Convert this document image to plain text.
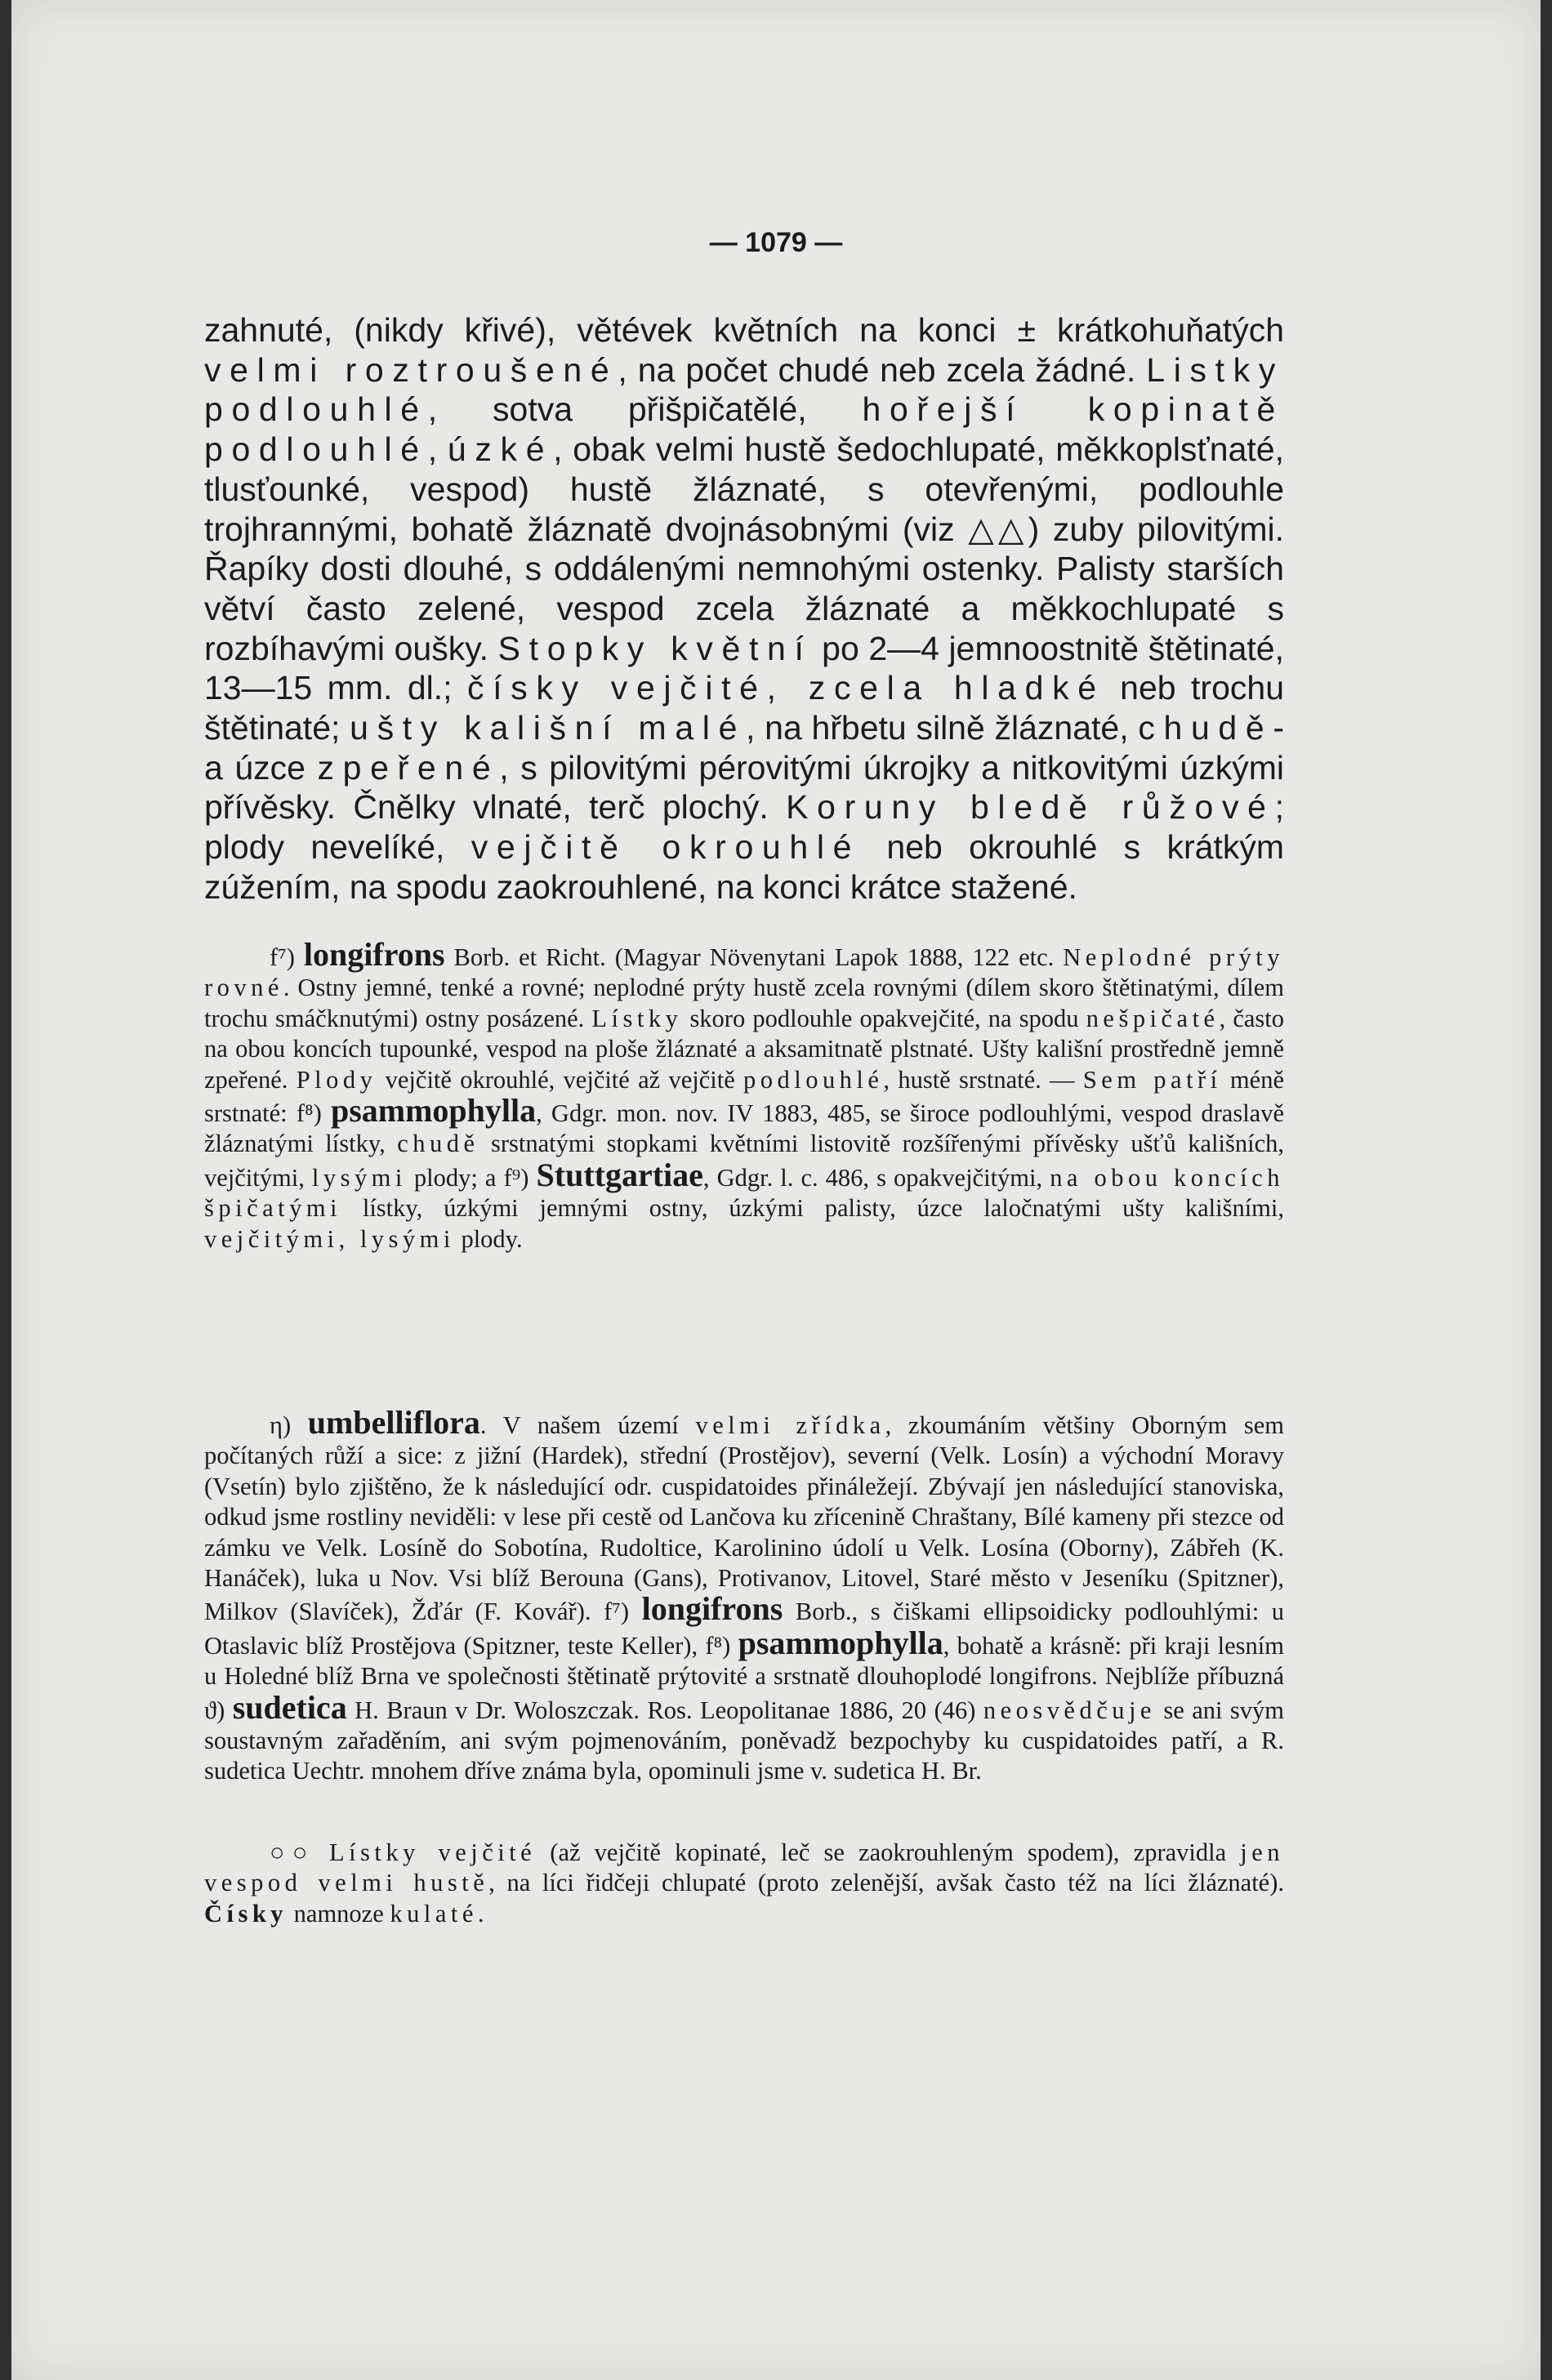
— 1079 —
zahnuté, (nikdy křivé), větévek květních na konci ± krátkohuňatých velmi roztroušené, na počet chudé neb zcela žádné. Listky podlouhlé, sotva přišpičatělé, hořejší kopinatě podlouhlé, úzké, obak velmi hustě šedochlupaté, měkkoplsťnaté, tlusťounké, vespod) hustě žláznaté, s otevřenými, podlouhle trojhrannými, bohatě žláznatě dvojnásobnými (viz △△) zuby pilovitými. Řapíky dosti dlouhé, s oddálenými nemnohými ostenky. Palisty starších větví často zelené, vespod zcela žláznaté a měkkochlupaté s rozbíhavými oušky. Stopky květní po 2—4 jemnoostnitě štětinaté, 13—15 mm. dl.; čísky vejčité, zcela hladké neb trochu štětinaté; ušty kališní malé, na hřbetu silně žláznaté, chudě- a úzce zpeřené, s pilovitými pérovitými úkrojky a nitkovitými úzkými přívěsky. Čnělky vlnaté, terč plochý. Koruny bledě růžové; plody nevelíké, vejčitě okrouhlé neb okrouhlé s krátkým zúžením, na spodu zaokrouhlené, na konci krátce stažené.

f⁷) longifrons Borb. et Richt. (Magyar Növenytani Lapok 1888, 122 etc. Neplodné prýty rovné. Ostny jemné, tenké a rovné; neplodné prýty hustě zcela rovnými (dílem skoro štětinatými, dílem trochu smáčknutými) ostny posázené. Lístky skoro podlouhle opakvejčité, na spodu nešpičaté, často na obou koncích tupounké, vespod na ploše žláznaté a aksamitnatě plstnaté. Ušty kališní prostředně jemně zpeřené. Plody vejčitě okrouhlé, vejčité až vejčitě podlouhlé, hustě srstnaté. — Sem patří méně srstnaté: f⁸) psammophylla, Gdgr. mon. nov. IV 1883, 485, se široce podlouhlými, vespod draslavě žláznatými lístky, chudě srstnatými stopkami květními listovitě rozšířenými přívěsky ušťů kališních, vejčitými, lysými plody; a f⁹) Stuttgartiae, Gdgr. l. c. 486, s opakvejčitými, na obou koncích špičatými lístky, úzkými jemnými ostny, úzkými palisty, úzce laločnatými ušty kališními, vejčitými, lysými plody.

η) umbelliflora. V našem území velmi zřídka, zkoumáním většiny Oborným sem počítaných růží a sice: z jižní (Hardek), střední (Prostějov), severní (Velk. Losín) a východní Moravy (Vsetín) bylo zjištěno, že k následující odr. cuspidatoides přináležejí. Zbývají jen následující stanoviska, odkud jsme rostliny neviděli: v lese při cestě od Lančova ku zřícenině Chraštany, Bílé kameny při stezce od zámku ve Velk. Losíně do Sobotína, Rudoltice, Karolinino údolí u Velk. Losína (Oborny), Zábřeh (K. Hanáček), luka u Nov. Vsi blíž Berouna (Gans), Protivanov, Litovel, Staré město v Jeseníku (Spitzner), Milkov (Slavíček), Žďár (F. Kovář). f⁷) longifrons Borb., s čiškami ellipsoidicky podlouhlými: u Otaslavic blíž Prostějova (Spitzner, teste Keller), f⁸) psammophylla, bohatě a krásně: při kraji lesním u Holedné blíž Brna ve společnosti štětinatě prýtovité a srstnatě dlouhoplodé longifrons. Nejblíže příbuzná ϑ) sudetica H. Braun v Dr. Woloszczak. Ros. Leopolitanae 1886, 20 (46) neosvědčuje se ani svým soustavným zařaděním, ani svým pojmenováním, poněvadž bezpochyby ku cuspidatoides patří, a R. sudetica Uechtr. mnohem dříve známa byla, opominuli jsme v. sudetica H. Br.

○○ Lístky vejčité (až vejčitě kopinaté, leč se zaokrouhleným spodem), zpravidla jen vespod velmi hustě, na líci řidčeji chlupaté (proto zelenější, avšak často též na líci žláznaté). Čísky namnoze kulaté.
